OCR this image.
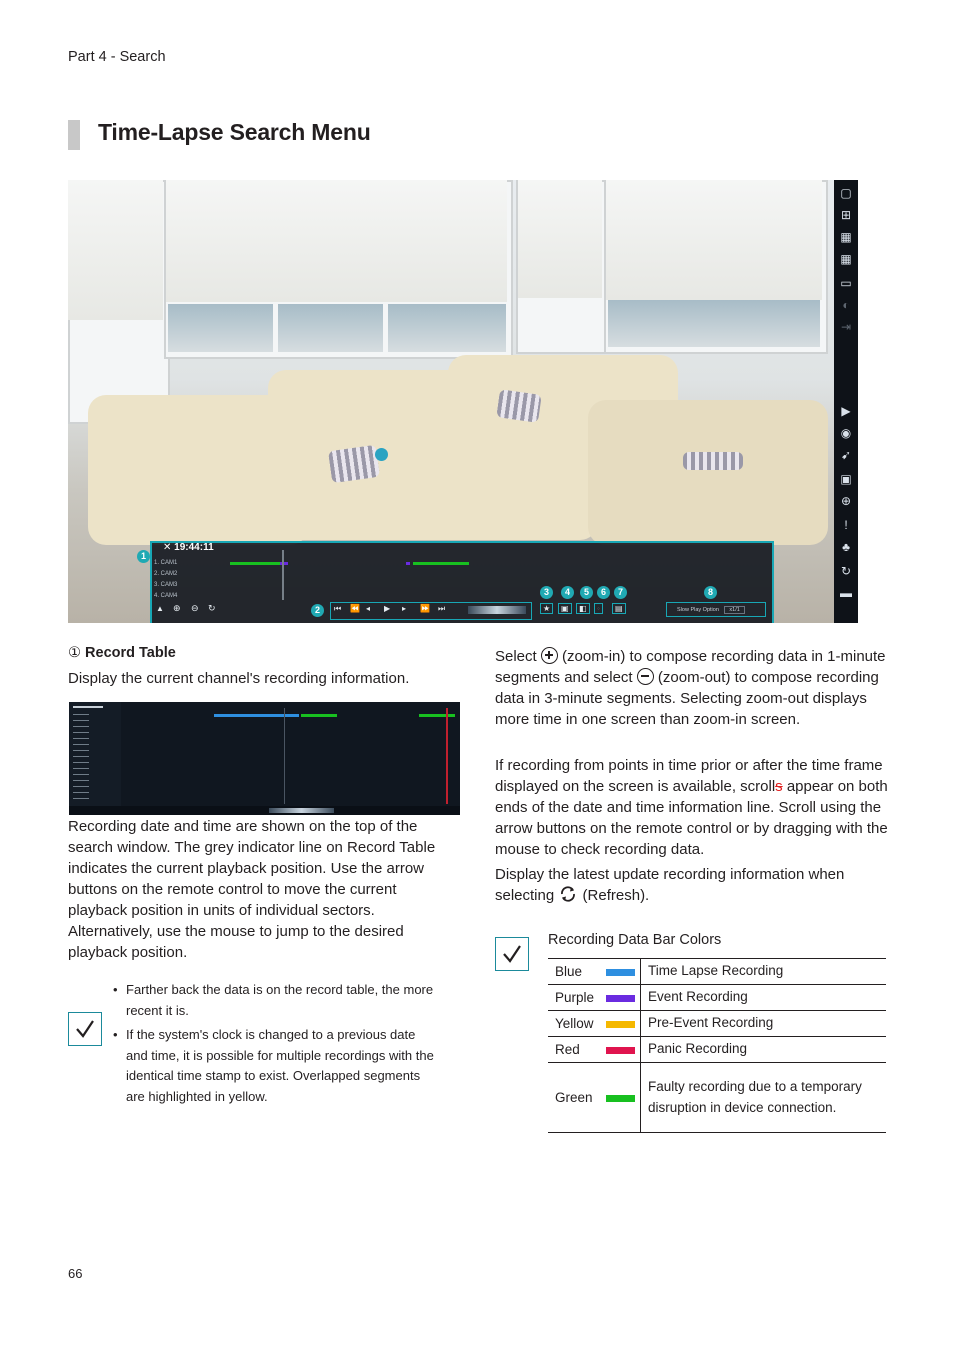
Part 4 - Search
Time-Lapse Search Menu
▢
⊞
▦
▦
▭
◐
⇥
▶
◉
➹
▣
⊕
!
♣
↻
▬
✕ 19:44:11
1. CAM1
2. CAM2
3. CAM3
4. CAM4
▲ ⊕ ⊖ ↻	⏮ ⏪ ◂ ▶ ▸ ⏩ ⏭	★	▣	◧	◦	▤	Slow Play Option x1/1
1
2
3	4	5	6	7	8
① Record Table
Display the current channel's recording information.
Recording date and time are shown on the top of the search window. The grey indicator line on Record Table indicates the current playback position. Use the arrow buttons on the remote control to move the current playback position in units of individual sectors. Alternatively, use the mouse to jump to the desired playback position.
• Farther back the data is on the record table, the more recent it is.
• If the system's clock is changed to a previous date and time, it is possible for multiple recordings with the identical time stamp to exist. Overlapped segments are highlighted in yellow.
Select (zoom-in) to compose recording data in 1-minute segments and select (zoom-out) to compose recording data in 3-minute segments. Selecting zoom-out displays more time in one screen than zoom-in screen.
If recording from points in time prior or after the time frame displayed on the screen is available, scrolls appear on both ends of the date and time information line. Scroll using the arrow buttons on the remote control or by dragging with the mouse to check recording data.
Display the latest update recording information when selecting (Refresh).
Recording Data Bar Colors
Blue		Time Lapse Recording
Purple		Event Recording
Yellow		Pre-Event Recording
Red		Panic Recording
Green		Faulty recording due to a temporary disruption in device connection.
66
